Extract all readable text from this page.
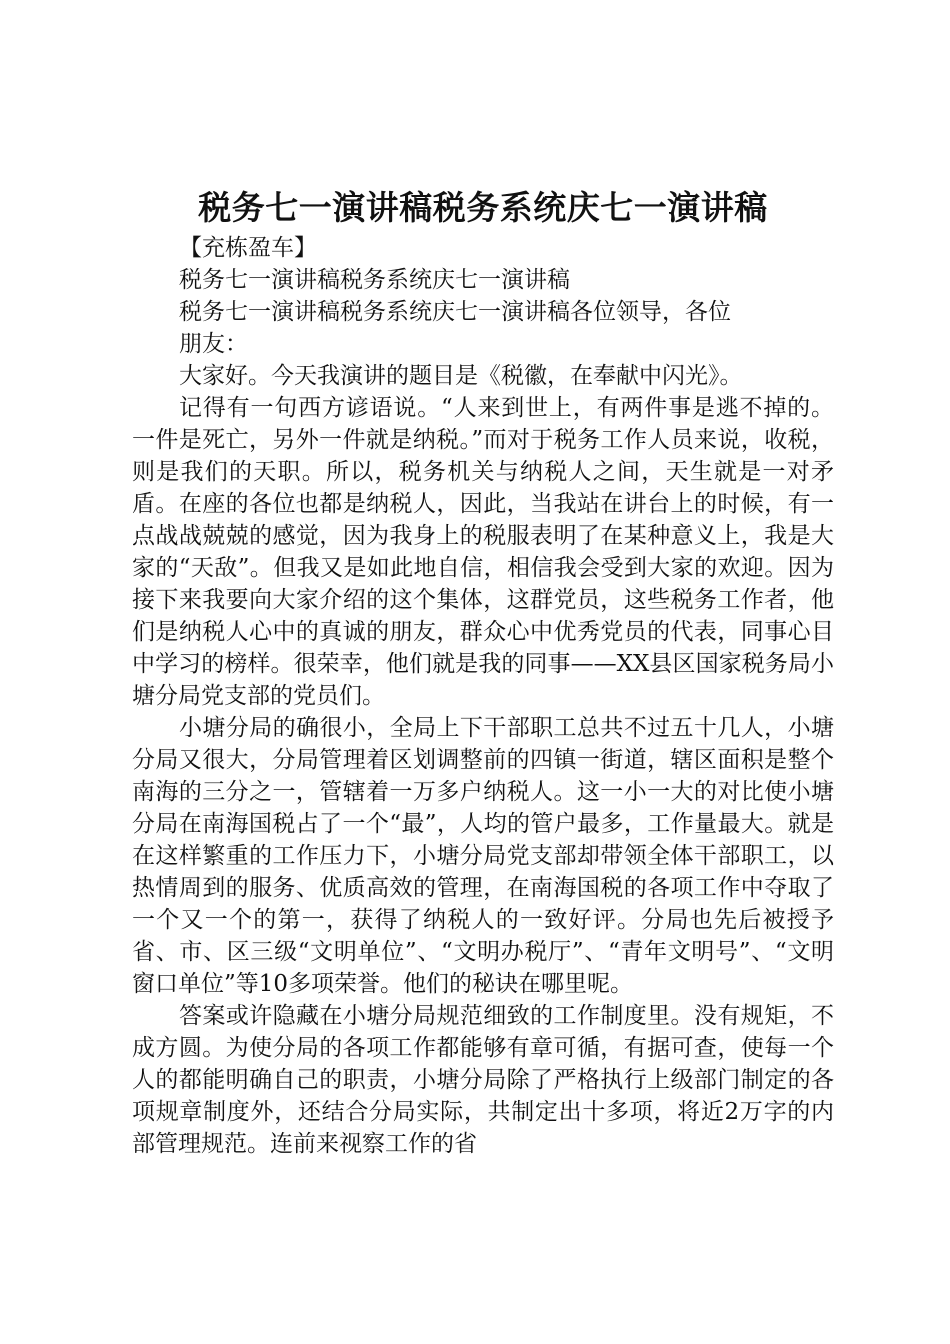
税务七一演讲稿税务系统庆七一演讲稿

【充栋盈车】

税务七一演讲稿税务系统庆七一演讲稿

税务七一演讲稿税务系统庆七一演讲稿各位领导，各位

朋友：

大家好。今天我演讲的题目是《税徽，在奉献中闪光》。

记得有一句西方谚语说。“人来到世上，有两件事是逃不掉的。一件是死亡，另外一件就是纳税。”而对于税务工作人员来说，收税，则是我们的天职。所以，税务机关与纳税人之间，天生就是一对矛盾。在座的各位也都是纳税人，因此，当我站在讲台上的时候，有一点战战兢兢的感觉，因为我身上的税服表明了在某种意义上，我是大家的“天敌”。但我又是如此地自信，相信我会受到大家的欢迎。因为接下来我要向大家介绍的这个集体，这群党员，这些税务工作者，他们是纳税人心中的真诚的朋友，群众心中优秀党员的代表，同事心目中学习的榜样。很荣幸，他们就是我的同事——XX县区国家税务局小塘分局党支部的党员们。

小塘分局的确很小，全局上下干部职工总共不过五十几人，小塘分局又很大，分局管理着区划调整前的四镇一街道，辖区面积是整个南海的三分之一，管辖着一万多户纳税人。这一小一大的对比使小塘分局在南海国税占了一个“最”，人均的管户最多，工作量最大。就是在这样繁重的工作压力下，小塘分局党支部却带领全体干部职工，以热情周到的服务、优质高效的管理，在南海国税的各项工作中夺取了一个又一个的第一，获得了纳税人的一致好评。分局也先后被授予省、市、区三级“文明单位”、“文明办税厅”、“青年文明号”、“文明窗口单位”等10多项荣誉。他们的秘诀在哪里呢。

答案或许隐藏在小塘分局规范细致的工作制度里。没有规矩，不成方圆。为使分局的各项工作都能够有章可循，有据可查，使每一个人的都能明确自己的职责，小塘分局除了严格执行上级部门制定的各项规章制度外，还结合分局实际，共制定出十多项，将近2万字的内部管理规范。连前来视察工作的省
